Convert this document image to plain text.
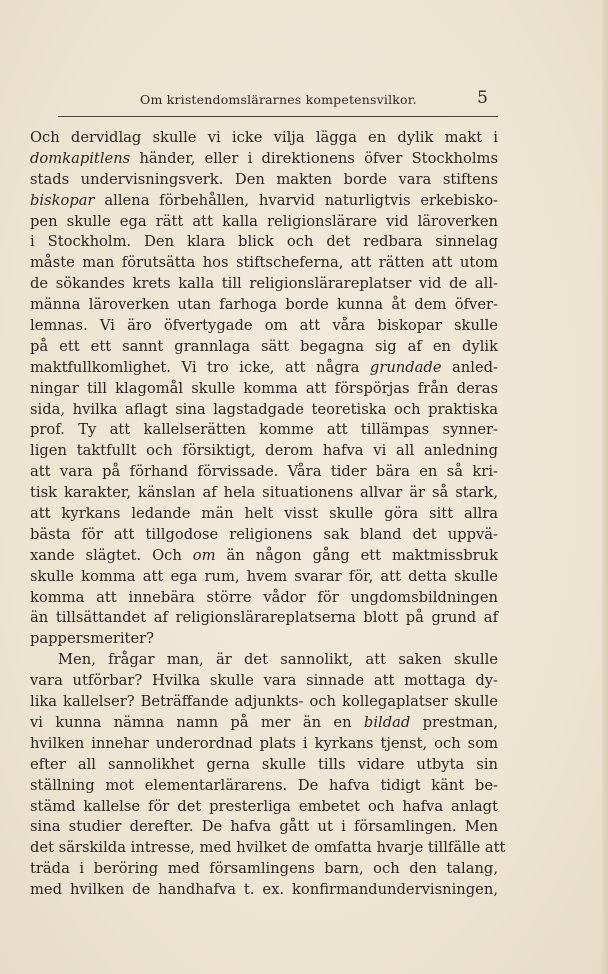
Om kristendomslärarnes kompetensvilkor.	5
Och dervidlag skulle vi icke vilja lägga en dylik makt i
domkapitlens händer, eller i direktionens öfver Stockholms
stads undervisningsverk. Den makten borde vara stiftens
biskopar allena förbehållen, hvarvid naturligtvis erkebisko-
pen skulle ega rätt att kalla religionslärare vid läroverken
i Stockholm. Den klara blick och det redbara sinnelag
måste man förutsätta hos stiftscheferna, att rätten att utom
de sökandes krets kalla till religionslärareplatser vid de all-
männa läroverken utan farhoga borde kunna åt dem öfver-
lemnas. Vi äro öfvertygade om att våra biskopar skulle
på ett ett sannt grannlaga sätt begagna sig af en dylik
maktfullkomlighet. Vi tro icke, att några grundade anled-
ningar till klagomål skulle komma att förspörjas från deras
sida, hvilka aflagt sina lagstadgade teoretiska och praktiska
prof. Ty att kallelserätten komme att tillämpas synner-
ligen taktfullt och försiktigt, derom hafva vi all anledning
att vara på förhand förvissade. Våra tider bära en så kri-
tisk karakter, känslan af hela situationens allvar är så stark,
att kyrkans ledande män helt visst skulle göra sitt allra
bästa för att tillgodose religionens sak bland det uppvä-
xande slägtet. Och om än någon gång ett maktmissbruk
skulle komma att ega rum, hvem svarar för, att detta skulle
komma att innebära större vådor för ungdomsbildningen
än tillsättandet af religionslärareplatserna blott på grund af
pappersmeriter?
Men, frågar man, är det sannolikt, att saken skulle
vara utförbar? Hvilka skulle vara sinnade att mottaga dy-
lika kallelser? Beträffande adjunkts- och kollegaplatser skulle
vi kunna nämna namn på mer än en bildad prestman,
hvilken innehar underordnad plats i kyrkans tjenst, och som
efter all sannolikhet gerna skulle tills vidare utbyta sin
ställning mot elementarlärarens. De hafva tidigt känt be-
stämd kallelse för det presterliga embetet och hafva anlagt
sina studier derefter. De hafva gått ut i församlingen. Men
det särskilda intresse, med hvilket de omfatta hvarje tillfälle att
träda i beröring med församlingens barn, och den talang,
med hvilken de handhafva t. ex. konfirmandundervisningen,
